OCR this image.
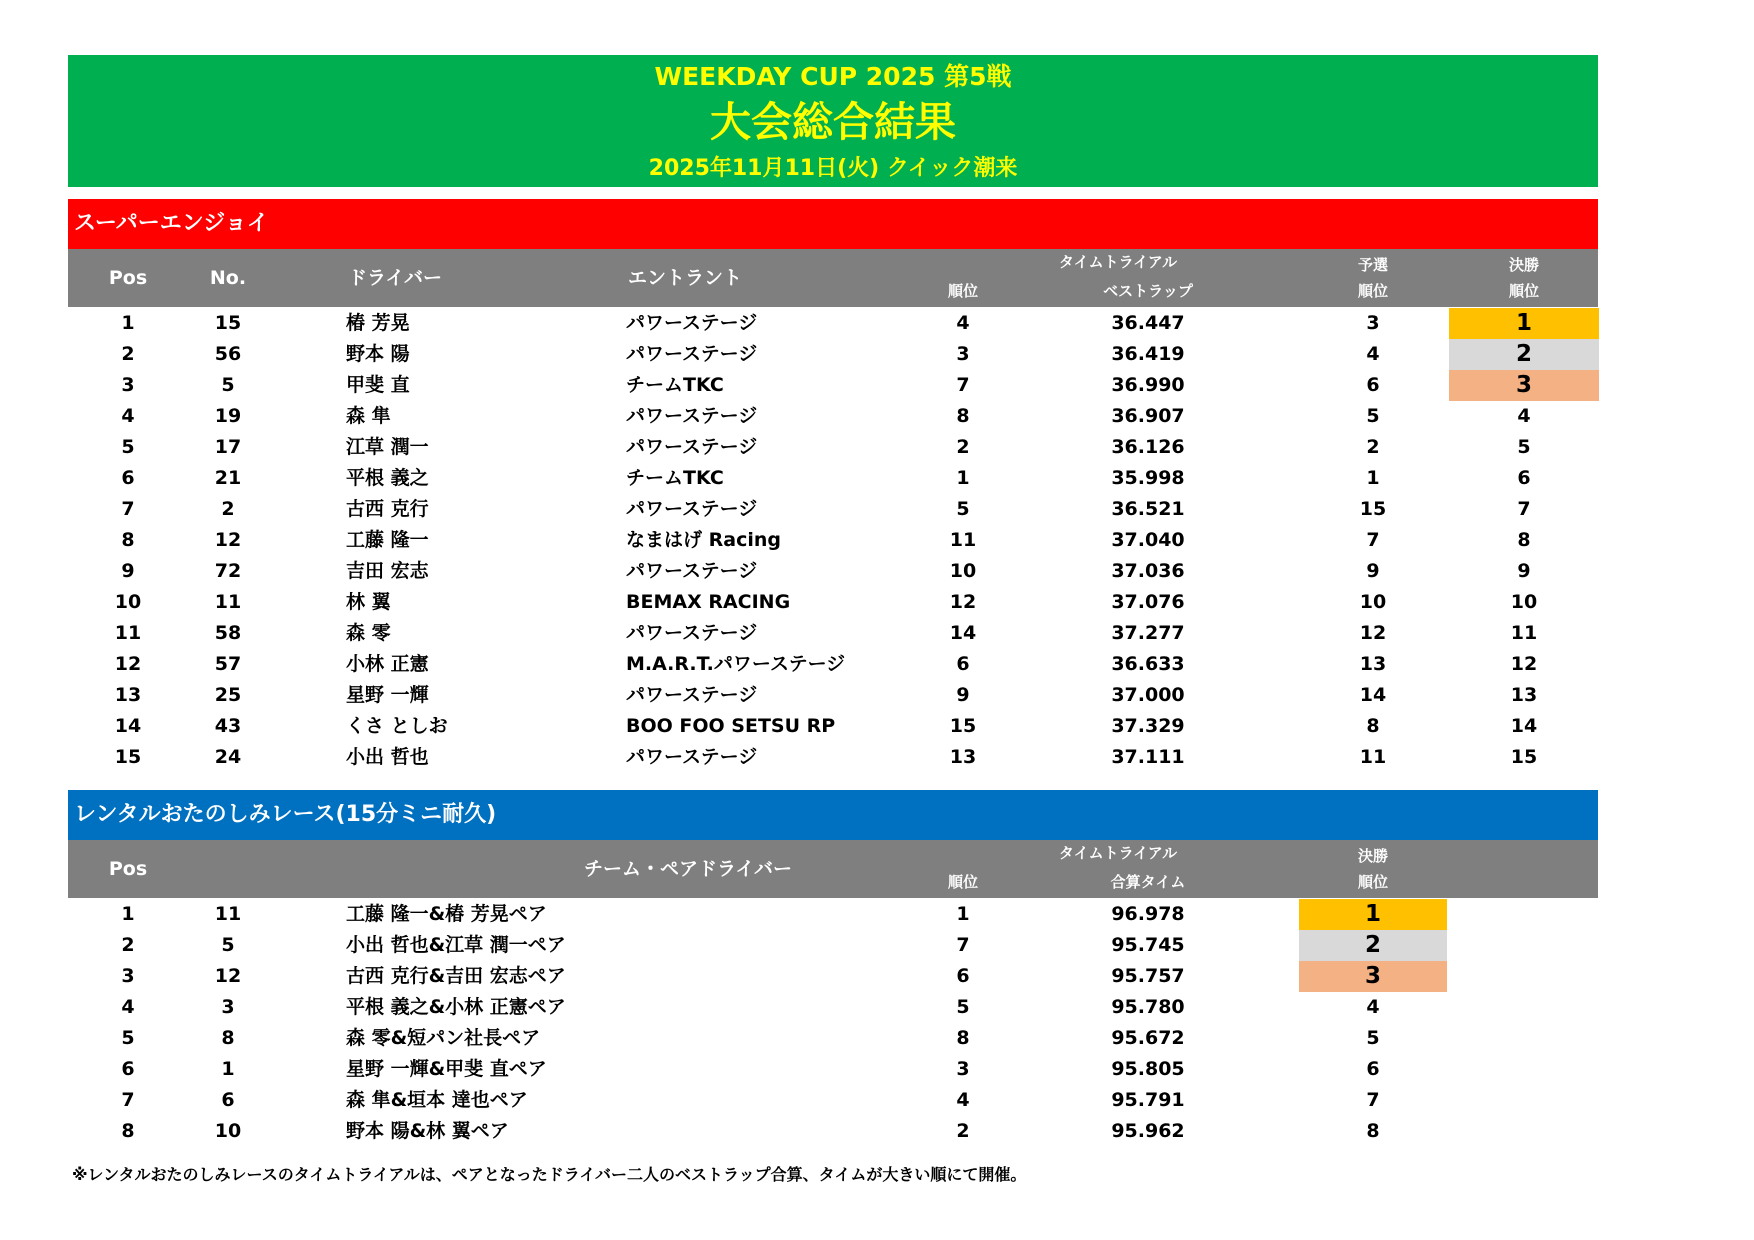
WEEKDAY CUP 2025 第5戦
大会総合結果
2025年11月11日(火) クイック潮来
スーパーエンジョイ
Pos	No.	ドライバー	エントラント
タイムトライアル
順位	ベストラップ
予選
順位
決勝
順位
1	15	椿 芳晃	パワーステージ	4	36.447	3	1
2	56	野本 陽	パワーステージ	3	36.419	4	2
3	5	甲斐 直	チームTKC	7	36.990	6	3
4	19	森 隼	パワーステージ	8	36.907	5	4
5	17	江草 潤一	パワーステージ	2	36.126	2	5
6	21	平根 義之	チームTKC	1	35.998	1	6
7	2	古西 克行	パワーステージ	5	36.521	15	7
8	12	工藤 隆一	なまはげ Racing	11	37.040	7	8
9	72	吉田 宏志	パワーステージ	10	37.036	9	9
10	11	林 翼	BEMAX RACING	12	37.076	10	10
11	58	森 零	パワーステージ	14	37.277	12	11
12	57	小林 正憲	M.A.R.T.パワーステージ	6	36.633	13	12
13	25	星野 一輝	パワーステージ	9	37.000	14	13
14	43	くさ としお	BOO FOO SETSU RP	15	37.329	8	14
15	24	小出 哲也	パワーステージ	13	37.111	11	15
レンタルおたのしみレース(15分ミニ耐久)
Pos	チーム・ペアドライバー
タイムトライアル
順位	合算タイム
決勝
順位
1	11	工藤 隆一&椿 芳晃ペア	1	96.978	1
2	5	小出 哲也&江草 潤一ペア	7	95.745	2
3	12	古西 克行&吉田 宏志ペア	6	95.757	3
4	3	平根 義之&小林 正憲ペア	5	95.780	4
5	8	森 零&短パン社長ペア	8	95.672	5
6	1	星野 一輝&甲斐 直ペア	3	95.805	6
7	6	森 隼&垣本 達也ペア	4	95.791	7
8	10	野本 陽&林 翼ペア	2	95.962	8
※レンタルおたのしみレースのタイムトライアルは、ペアとなったドライバー二人のベストラップ合算、タイムが大きい順にて開催。
